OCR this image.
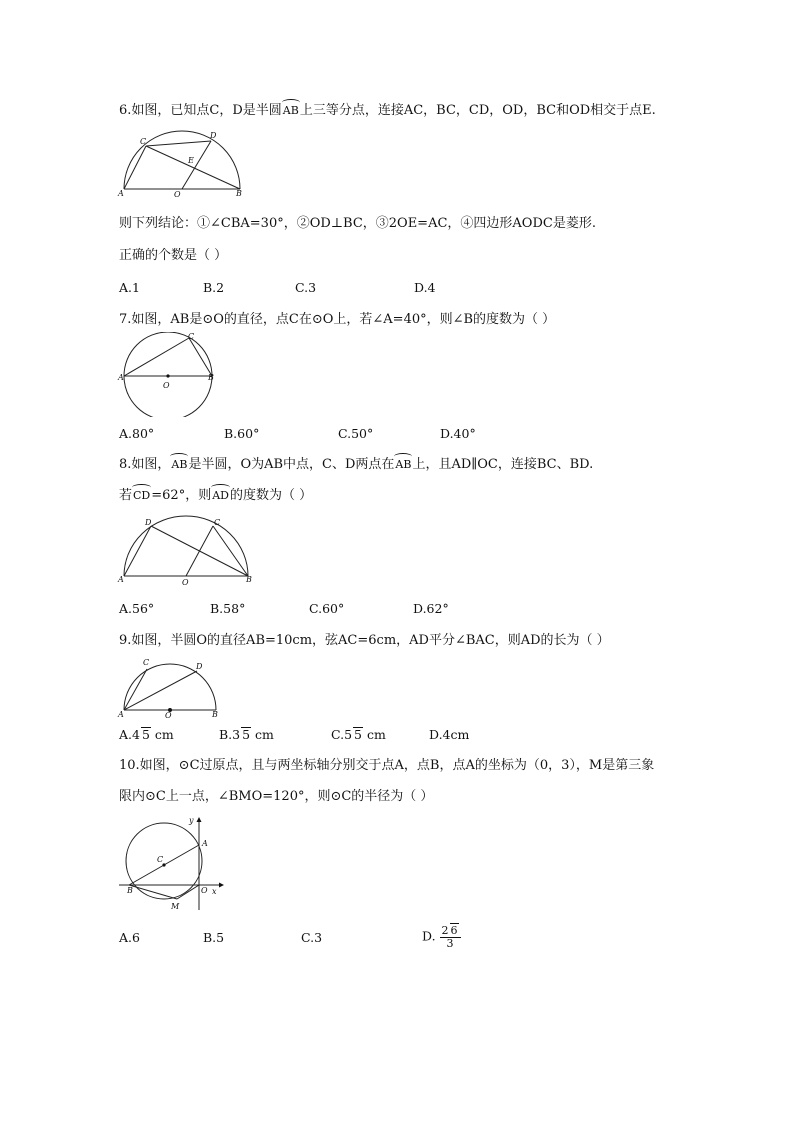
6.如图，已知点C，D是半圆AB上三等分点，连接AC，BC，CD，OD，BC和OD相交于点E.
C
D
E
A	O	B
则下列结论：①∠CBA=30°，②OD⊥BC，③2OE=AC，④四边形AODC是菱形.
正确的个数是（ ）
A.1	B.2	C.3	D.4
7.如图，AB是⊙O的直径，点C在⊙O上，若∠A=40°，则∠B的度数为（ ）
C
A
O
B
A.80°	B.60°	C.50°	D.40°
8.如图，AB是半圆，O为AB中点，C、D两点在AB上，且AD∥OC，连接BC、BD.
若CD=62°，则AD的度数为（ ）
D	C
A	O	B
A.56°	B.58°	C.60°	D.62°
9.如图，半圆O的直径AB=10cm，弦AC=6cm，AD平分∠BAC，则AD的长为（ ）
C	D
A	O	B
A.4 5 cm	B.3 5 cm	C.5 5 cm	D.4cm
10.如图，⊙C过原点，且与两坐标轴分别交于点A，点B，点A的坐标为（0，3），M是第三象
限内⊙C上一点，∠BMO=120°，则⊙C的半径为（ ）
y
A
C
B	O x
M
A.6	B.5	C.3	D. $\frac{2 6}{3}$
